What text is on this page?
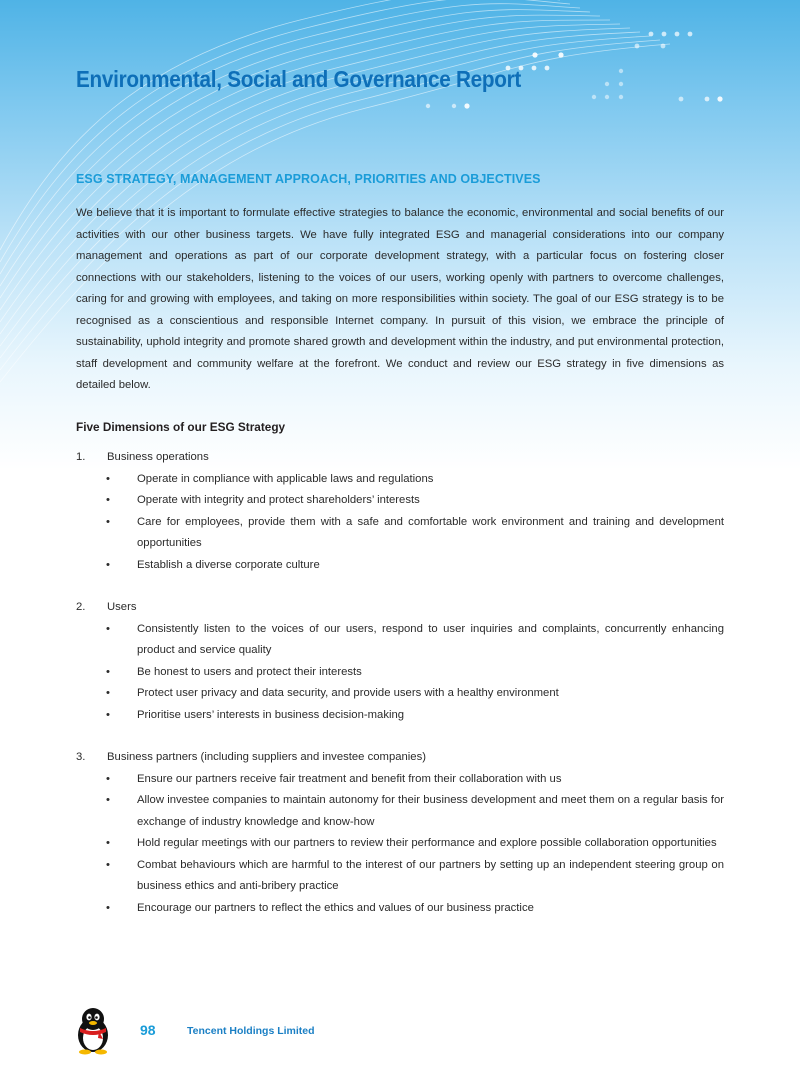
Environmental, Social and Governance Report
ESG STRATEGY, MANAGEMENT APPROACH, PRIORITIES AND OBJECTIVES

We believe that it is important to formulate effective strategies to balance the economic, environmental and social benefits of our activities with our other business targets. We have fully integrated ESG and managerial considerations into our company management and operations as part of our corporate development strategy, with a particular focus on fostering closer connections with our stakeholders, listening to the voices of our users, working openly with partners to overcome challenges, caring for and growing with employees, and taking on more responsibilities within society. The goal of our ESG strategy is to be recognised as a conscientious and responsible Internet company. In pursuit of this vision, we embrace the principle of sustainability, uphold integrity and promote shared growth and development within the industry, and put environmental protection, staff development and community welfare at the forefront. We conduct and review our ESG strategy in five dimensions as detailed below.

Five Dimensions of our ESG Strategy
1. Business operations
• Operate in compliance with applicable laws and regulations
• Operate with integrity and protect shareholders’ interests
• Care for employees, provide them with a safe and comfortable work environment and training and development opportunities
• Establish a diverse corporate culture
2. Users
• Consistently listen to the voices of our users, respond to user inquiries and complaints, concurrently enhancing product and service quality
• Be honest to users and protect their interests
• Protect user privacy and data security, and provide users with a healthy environment
• Prioritise users’ interests in business decision-making
3. Business partners (including suppliers and investee companies)
• Ensure our partners receive fair treatment and benefit from their collaboration with us
• Allow investee companies to maintain autonomy for their business development and meet them on a regular basis for exchange of industry knowledge and know-how
• Hold regular meetings with our partners to review their performance and explore possible collaboration opportunities
• Combat behaviours which are harmful to the interest of our partners by setting up an independent steering group on business ethics and anti-bribery practice
• Encourage our partners to reflect the ethics and values of our business practice
98	Tencent Holdings Limited
